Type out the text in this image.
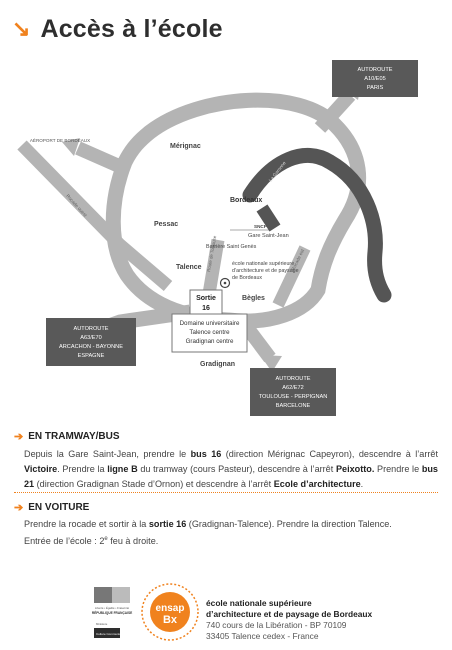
↘ Accès à l’école
AÉROPORT DE BORDEAUX
Mérignac
Pessac
Bordeaux
Talence
Bègles
Gradignan
La Garonne
Rocade ouest
Rocade est
Route de Toulouse
SNCF
Gare Saint-Jean
Barrière Saint Genès
école nationale supérieure
d’architecture et de paysage
de Bordeaux
Sortie
16
Domaine universitaire
Talence centre
Gradignan centre
AUTOROUTE
A10/E05
PARIS
AUTOROUTE
A63/E70
ARCACHON - BAYONNE
ESPAGNE
AUTOROUTE
A62/E72
TOULOUSE - PERPIGNAN
BARCELONE
➔ EN TRAMWAY/BUS
Depuis la Gare Saint-Jean, prendre le bus 16 (direction Mérignac Capeyron), descendre à l’arrêt Victoire. Prendre la ligne B du tramway (cours Pasteur), descendre à l’arrêt Peixotto. Prendre le bus 21 (direction Gradignan Stade d’Ornon) et descendre à l’arrêt Ecole d’architecture.
➔ EN VOITURE
Prendre la rocade et sortir à la sortie 16 (Gradignan-Talence). Prendre la direction Talence.
Entrée de l’école : 2e feu à droite.
Liberté • Égalité • Fraternité
RÉPUBLIQUE FRANÇAISE
Ministère
Culture Communication
ensap
Bx
école nationale supérieure
d’architecture et de paysage de Bordeaux
740 cours de la Libération - BP 70109
33405 Talence cedex - France
